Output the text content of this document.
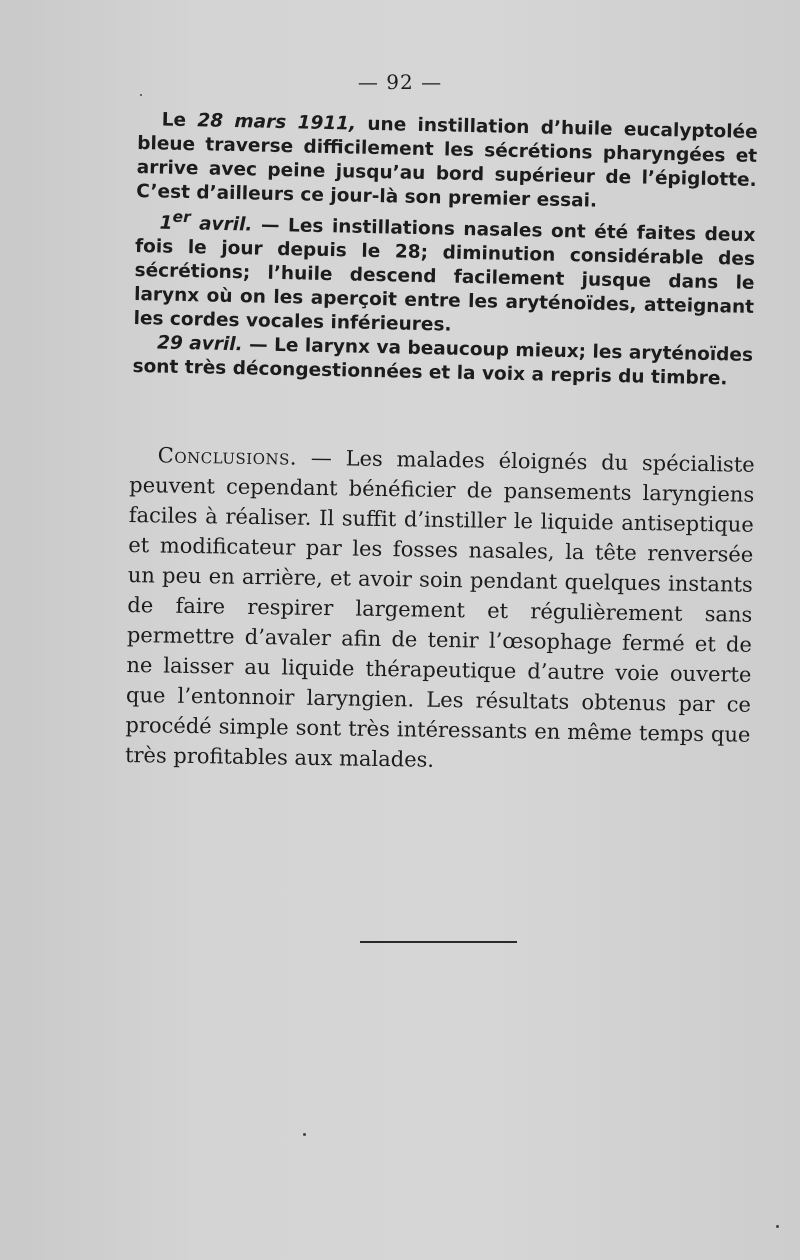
— 92 —

Le 28 mars 1911, une instillation d’huile eucalyptolée bleue traverse difficilement les sécrétions pharyngées et arrive avec peine jusqu’au bord supérieur de l’épiglotte. C’est d’ailleurs ce jour-là son premier essai.

1er avril. — Les instillations nasales ont été faites deux fois le jour depuis le 28; diminution considérable des sécrétions; l’huile descend facilement jusque dans le larynx où on les aperçoit entre les aryténoïdes, atteignant les cordes vocales inférieures.

29 avril. — Le larynx va beaucoup mieux; les aryténoïdes sont très décongestionnées et la voix a repris du timbre.

Conclusions. — Les malades éloignés du spécialiste peuvent cependant bénéficier de pansements laryngiens faciles à réaliser. Il suffit d’instiller le liquide antiseptique et modificateur par les fosses nasales, la tête renversée un peu en arrière, et avoir soin pendant quelques instants de faire respirer largement et régulièrement sans permettre d’avaler afin de tenir l’œsophage fermé et de ne laisser au liquide thérapeutique d’autre voie ouverte que l’entonnoir laryngien. Les résultats obtenus par ce procédé simple sont très intéressants en même temps que très profitables aux malades.
